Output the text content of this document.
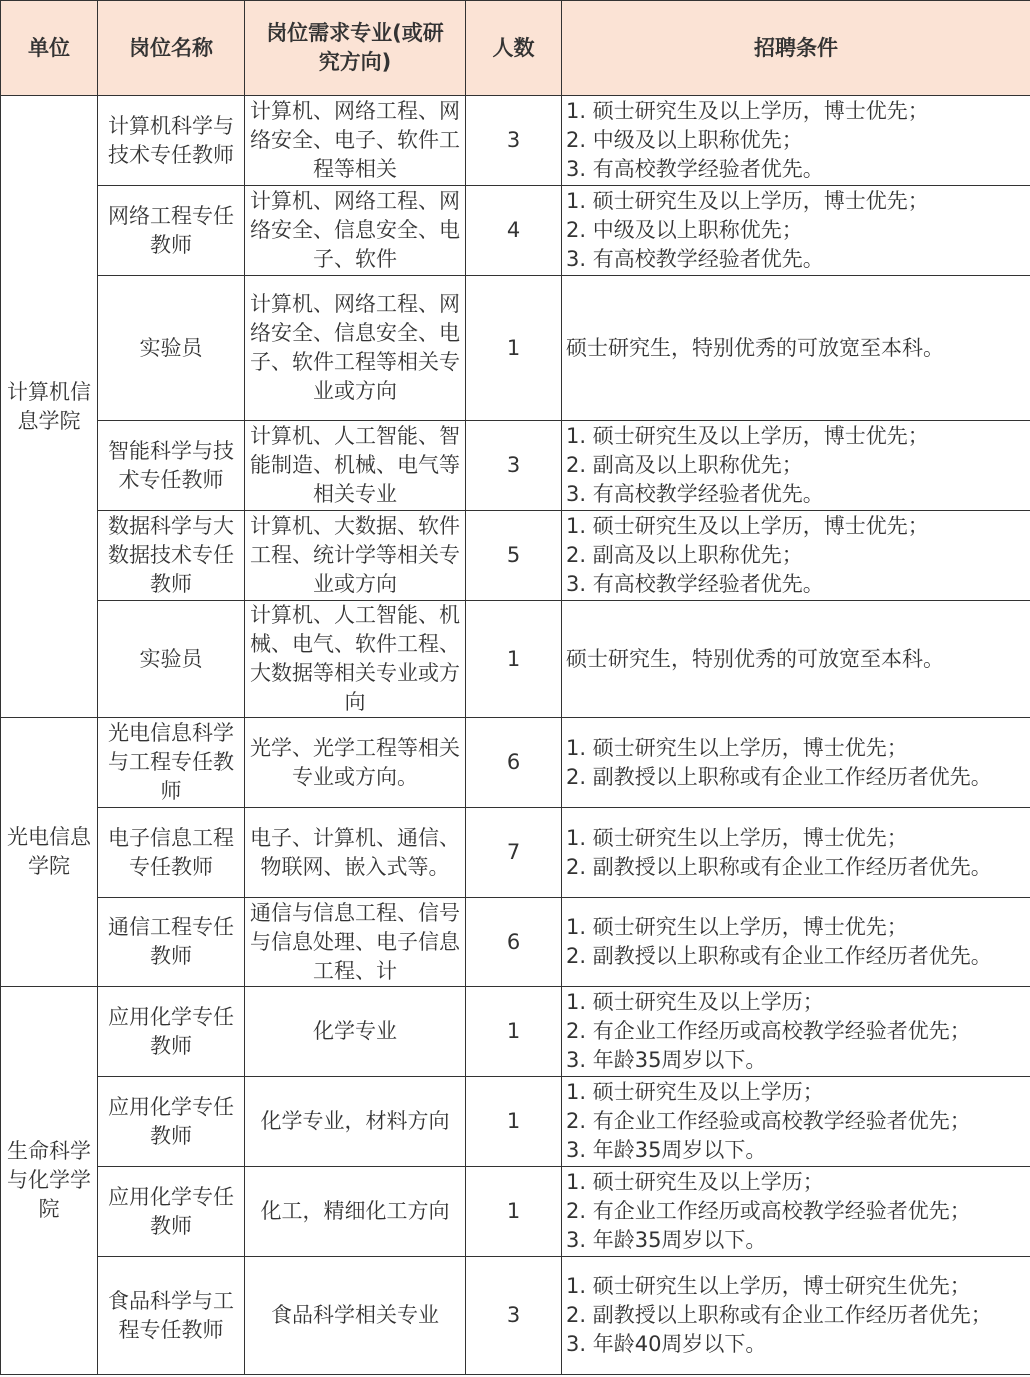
单位	岗位名称	岗位需求专业(或研究方向)	人数	招聘条件
计算机信息学院	计算机科学与技术专任教师	计算机、网络工程、网络安全、电子、软件工程等相关	3	1. 硕士研究生及以上学历，博士优先；
2. 中级及以上职称优先；
3. 有高校教学经验者优先。

	网络工程专任教师	计算机、网络工程、网络安全、信息安全、电子、软件	4	1. 硕士研究生及以上学历，博士优先；
2. 中级及以上职称优先；
3. 有高校教学经验者优先。

	实验员	计算机、网络工程、网络安全、信息安全、电子、软件工程等相关专业或方向	1	硕士研究生，特别优秀的可放宽至本科。

	智能科学与技术专任教师	计算机、人工智能、智能制造、机械、电气等相关专业	3	1. 硕士研究生及以上学历，博士优先；
2. 副高及以上职称优先；
3. 有高校教学经验者优先。

	数据科学与大数据技术专任教师	计算机、大数据、软件工程、统计学等相关专业或方向	5	1. 硕士研究生及以上学历，博士优先；
2. 副高及以上职称优先；
3. 有高校教学经验者优先。

	实验员	计算机、人工智能、机械、电气、软件工程、大数据等相关专业或方向	1	硕士研究生，特别优秀的可放宽至本科。

光电信息学院	光电信息科学与工程专任教师	光学、光学工程等相关专业或方向。	6	1. 硕士研究生以上学历，博士优先；
2. 副教授以上职称或有企业工作经历者优先。

	电子信息工程专任教师	电子、计算机、通信、物联网、嵌入式等。	7	1. 硕士研究生以上学历，博士优先；
2. 副教授以上职称或有企业工作经历者优先。

	通信工程专任教师	通信与信息工程、信号与信息处理、电子信息工程、计	6	1. 硕士研究生以上学历，博士优先；
2. 副教授以上职称或有企业工作经历者优先。

生命科学与化学学院	应用化学专任教师	化学专业	1	1. 硕士研究生及以上学历；
2. 有企业工作经历或高校教学经验者优先；
3. 年龄35周岁以下。

	应用化学专任教师	化学专业，材料方向	1	1. 硕士研究生及以上学历；
2. 有企业工作经验或高校教学经验者优先；
3. 年龄35周岁以下。

	应用化学专任教师	化工，精细化工方向	1	1. 硕士研究生及以上学历；
2. 有企业工作经历或高校教学经验者优先；
3. 年龄35周岁以下。

	食品科学与工程专任教师	食品科学相关专业	3	1. 硕士研究生以上学历，博士研究生优先；
2. 副教授以上职称或有企业工作经历者优先；
3. 年龄40周岁以下。
